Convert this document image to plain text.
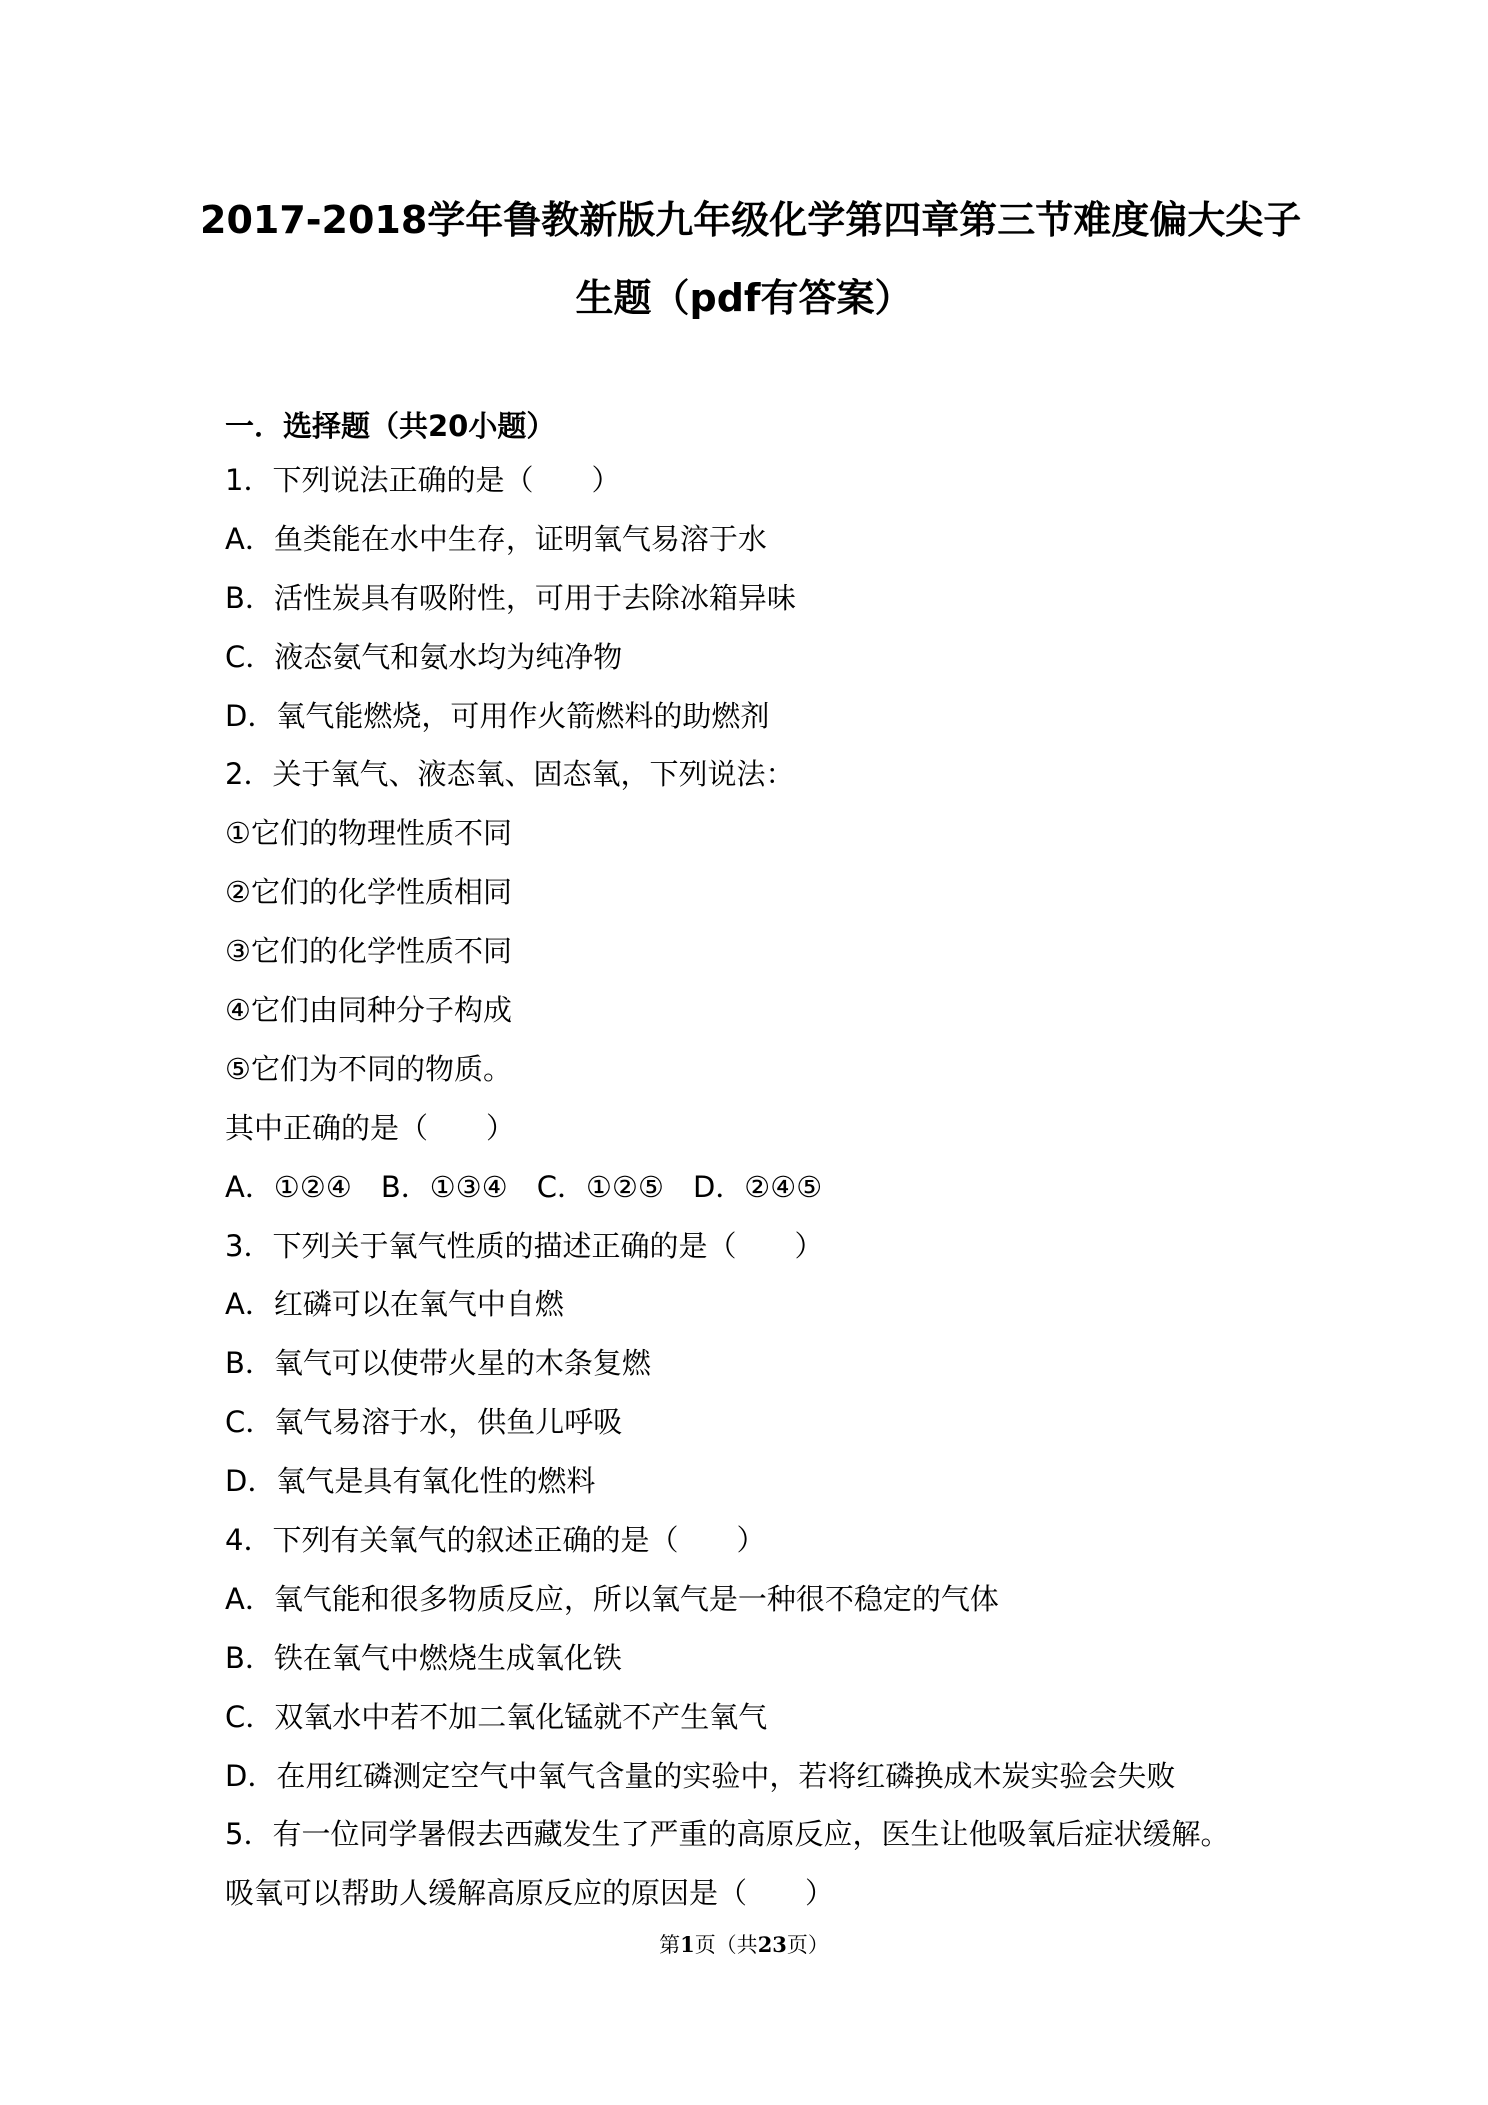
2017-2018学年鲁教新版九年级化学第四章第三节难度偏大尖子
生题（pdf有答案）
一．选择题（共20小题）
1．下列说法正确的是（　　）
A．鱼类能在水中生存，证明氧气易溶于水
B．活性炭具有吸附性，可用于去除冰箱异味
C．液态氨气和氨水均为纯净物
D．氧气能燃烧，可用作火箭燃料的助燃剂
2．关于氧气、液态氧、固态氧，下列说法：
①它们的物理性质不同
②它们的化学性质相同
③它们的化学性质不同
④它们由同种分子构成
⑤它们为不同的物质。
其中正确的是（　　）
A．①②④　B．①③④　C．①②⑤　D．②④⑤
3．下列关于氧气性质的描述正确的是（　　）
A．红磷可以在氧气中自燃
B．氧气可以使带火星的木条复燃
C．氧气易溶于水，供鱼儿呼吸
D．氧气是具有氧化性的燃料
4．下列有关氧气的叙述正确的是（　　）
A．氧气能和很多物质反应，所以氧气是一种很不稳定的气体
B．铁在氧气中燃烧生成氧化铁
C．双氧水中若不加二氧化锰就不产生氧气
D．在用红磷测定空气中氧气含量的实验中，若将红磷换成木炭实验会失败
5．有一位同学暑假去西藏发生了严重的高原反应，医生让他吸氧后症状缓解。
吸氧可以帮助人缓解高原反应的原因是（　　）
第1页（共23页）
